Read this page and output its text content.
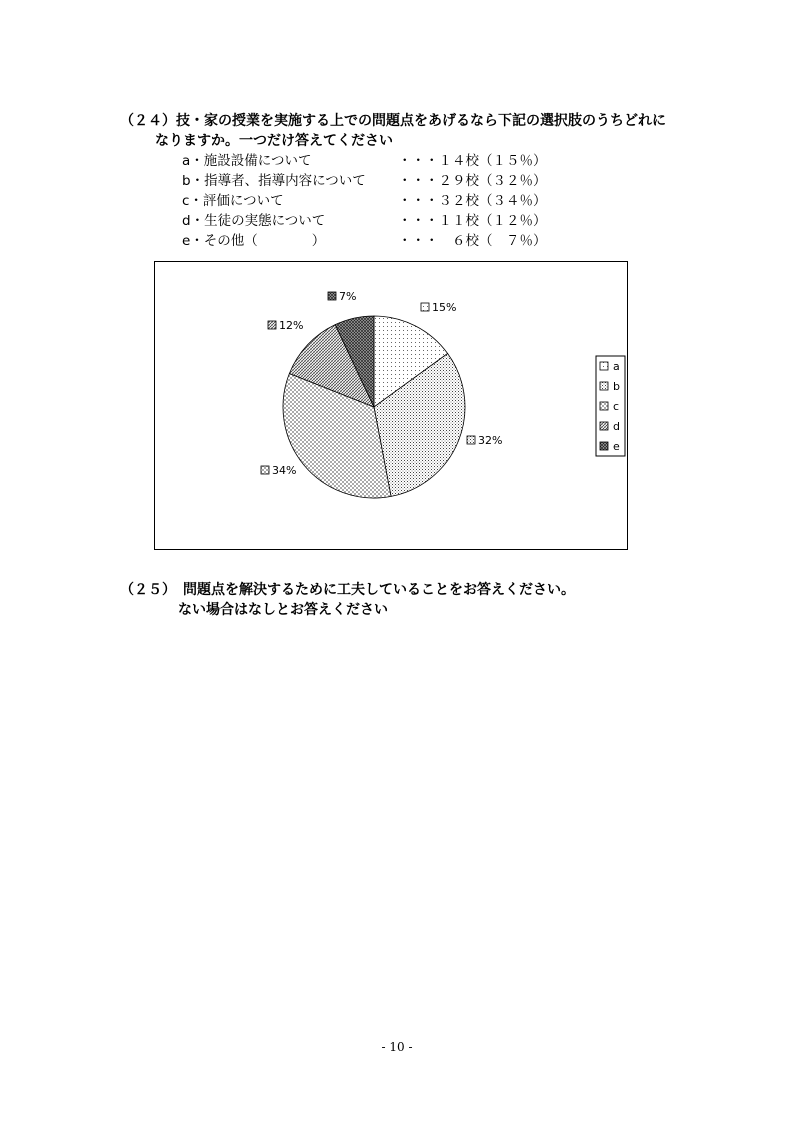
（２４）技・家の授業を実施する上での問題点をあげるなら下記の選択肢のうちどれに
なりますか。一つだけ答えてください
a・施設設備について	・・・１４校（１５％）
b・指導者、指導内容について ・・・２９校（３２％）
c・評価について	・・・３２校（３４％）
d・生徒の実態について	・・・１１校（１２％）
e・その他（　　　　）	・・・　６校（　７％）
15%
32%
34%
12%
7%
a
b
c
d
e
（２５）　問題点を解決するために工夫していることをお答えください。
ない場合はなしとお答えください
- 10 -
